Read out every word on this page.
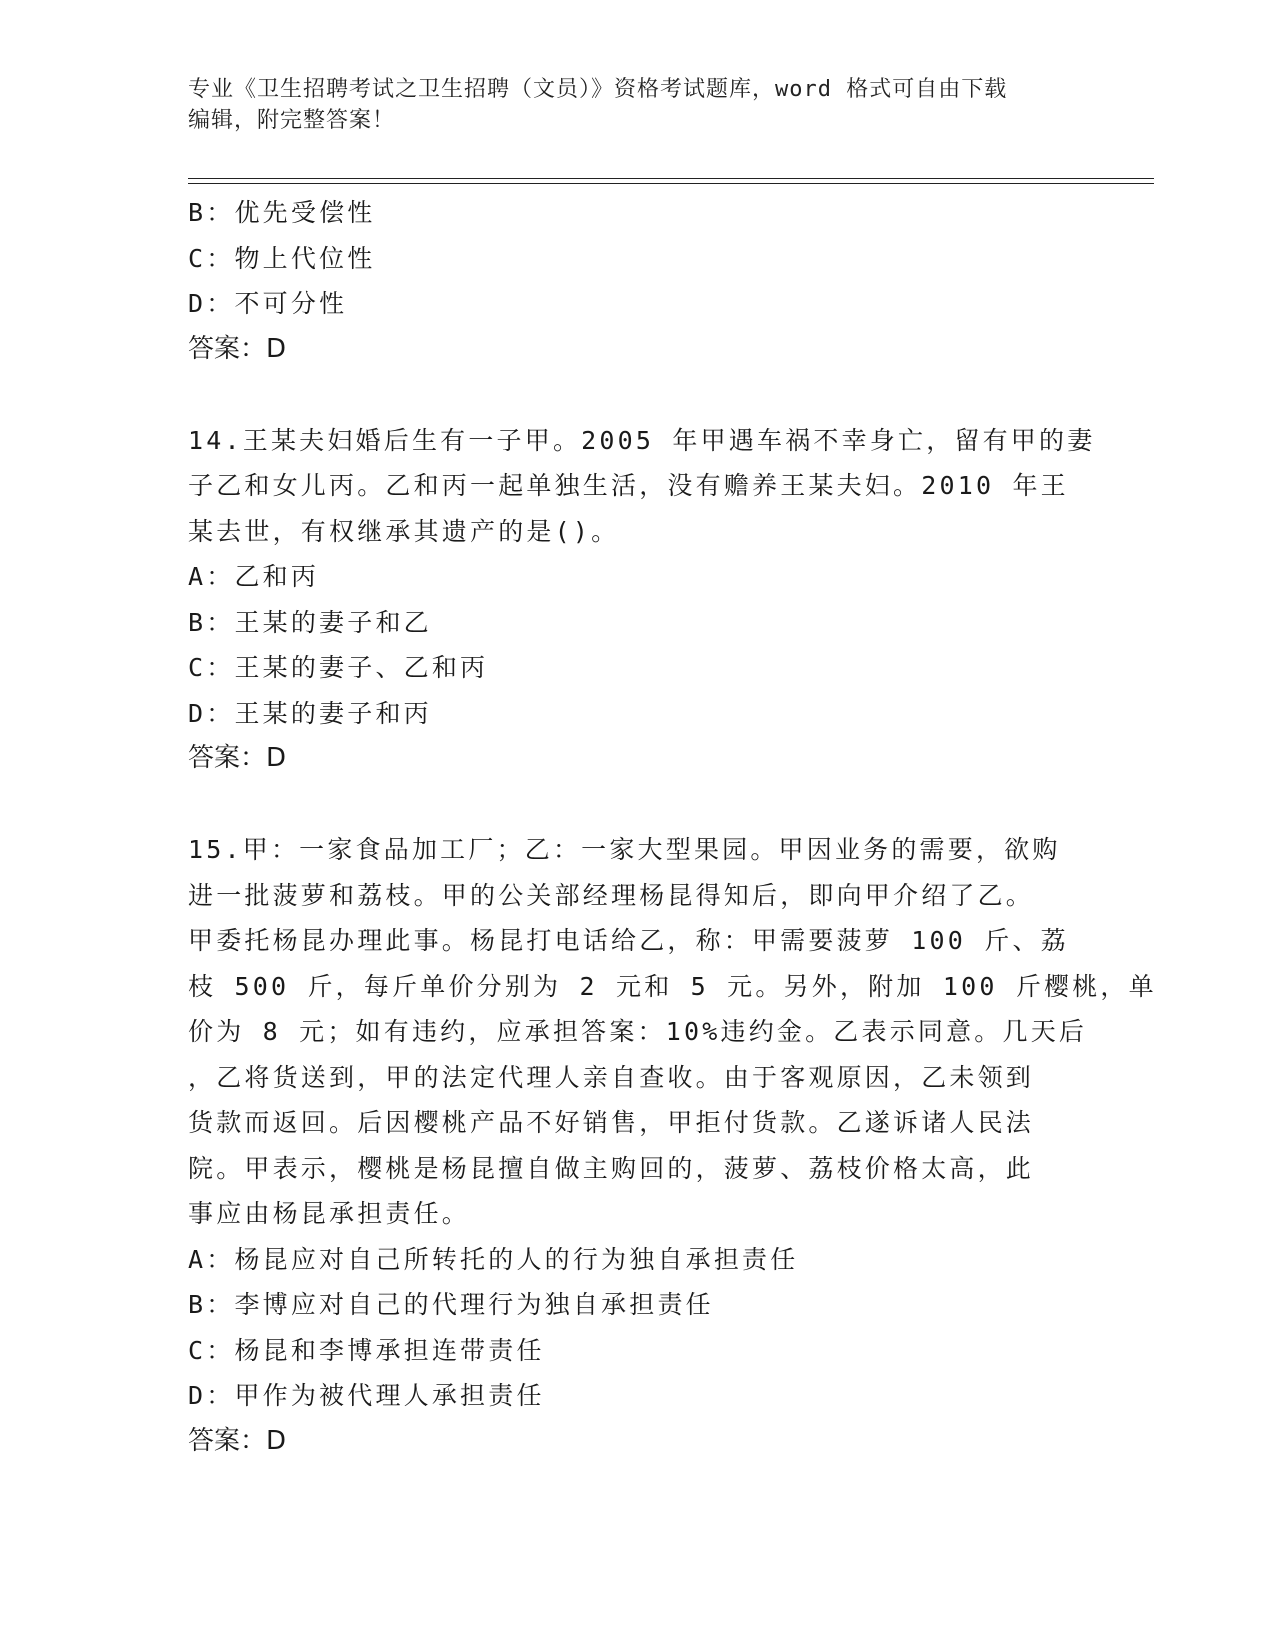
专业《卫生招聘考试之卫生招聘（文员）》资格考试题库，word 格式可自由下载
编辑，附完整答案！
B：优先受偿性
C：物上代位性
D：不可分性
答案：D
14.王某夫妇婚后生有一子甲。2005 年甲遇车祸不幸身亡，留有甲的妻
子乙和女儿丙。乙和丙一起单独生活，没有赡养王某夫妇。2010 年王
某去世，有权继承其遗产的是()。
A：乙和丙
B：王某的妻子和乙
C：王某的妻子、乙和丙
D：王某的妻子和丙
答案：D
15.甲：一家食品加工厂；乙：一家大型果园。甲因业务的需要，欲购
进一批菠萝和荔枝。甲的公关部经理杨昆得知后，即向甲介绍了乙。
甲委托杨昆办理此事。杨昆打电话给乙，称：甲需要菠萝 100 斤、荔
枝 500 斤，每斤单价分别为 2 元和 5 元。另外，附加 100 斤樱桃，单
价为 8 元；如有违约，应承担答案：10%违约金。乙表示同意。几天后
，乙将货送到，甲的法定代理人亲自查收。由于客观原因，乙未领到
货款而返回。后因樱桃产品不好销售，甲拒付货款。乙遂诉诸人民法
院。甲表示，樱桃是杨昆擅自做主购回的，菠萝、荔枝价格太高，此
事应由杨昆承担责任。
A：杨昆应对自己所转托的人的行为独自承担责任
B：李博应对自己的代理行为独自承担责任
C：杨昆和李博承担连带责任
D：甲作为被代理人承担责任
答案：D
